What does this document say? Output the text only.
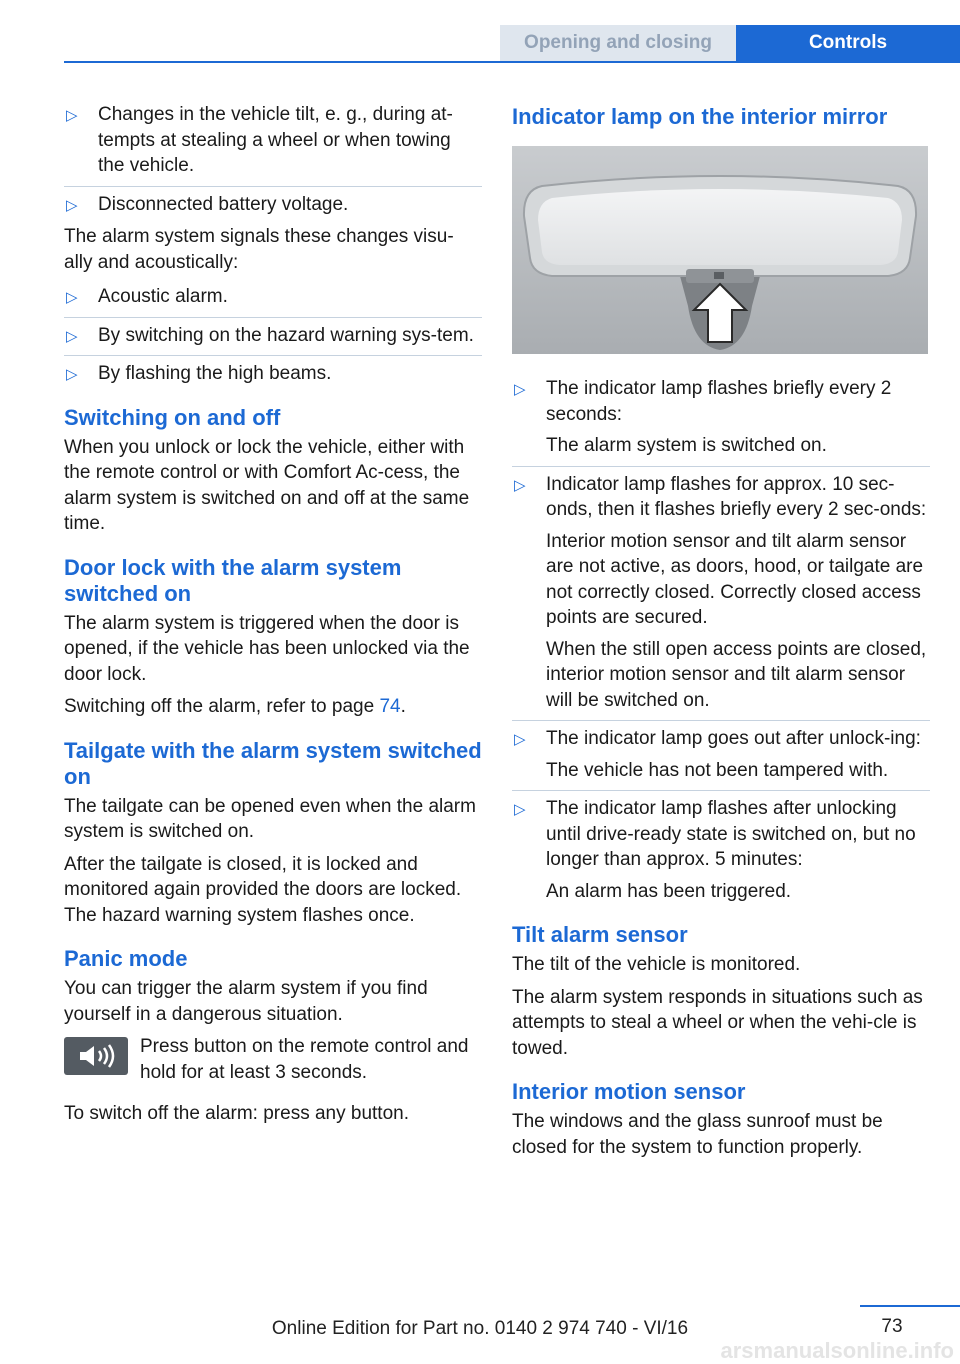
Opening and closing	Controls
▷ Changes in the vehicle tilt, e. g., during at‐tempts at stealing a wheel or when towing the vehicle.
▷ Disconnected battery voltage.

The alarm system signals these changes visu‐ally and acoustically:

▷ Acoustic alarm.
▷ By switching on the hazard warning sys‐tem.
▷ By flashing the high beams.
Switching on and off

When you unlock or lock the vehicle, either with the remote control or with Comfort Ac‐cess, the alarm system is switched on and off at the same time.

Door lock with the alarm system switched on

The alarm system is triggered when the door is opened, if the vehicle has been unlocked via the door lock.

Switching off the alarm, refer to page 74.

Tailgate with the alarm system switched on

The tailgate can be opened even when the alarm system is switched on.

After the tailgate is closed, it is locked and monitored again provided the doors are locked. The hazard warning system flashes once.

Panic mode

You can trigger the alarm system if you find yourself in a dangerous situation.

Press button on the remote control and hold for at least 3 seconds.

To switch off the alarm: press any button.

Indicator lamp on the interior mirror
▷ The indicator lamp flashes briefly every 2 seconds:
The alarm system is switched on.
▷ Indicator lamp flashes for approx. 10 sec‐onds, then it flashes briefly every 2 sec‐onds:
Interior motion sensor and tilt alarm sensor are not active, as doors, hood, or tailgate are not correctly closed. Correctly closed access points are secured.
When the still open access points are closed, interior motion sensor and tilt alarm sensor will be switched on.
▷ The indicator lamp goes out after unlock‐ing:
The vehicle has not been tampered with.
▷ The indicator lamp flashes after unlocking until drive-ready state is switched on, but no longer than approx. 5 minutes:
An alarm has been triggered.
Tilt alarm sensor

The tilt of the vehicle is monitored.

The alarm system responds in situations such as attempts to steal a wheel or when the vehi‐cle is towed.

Interior motion sensor

The windows and the glass sunroof must be closed for the system to function properly.

73
Online Edition for Part no. 0140 2 974 740 - VI/16
arsmanualsonline.info
